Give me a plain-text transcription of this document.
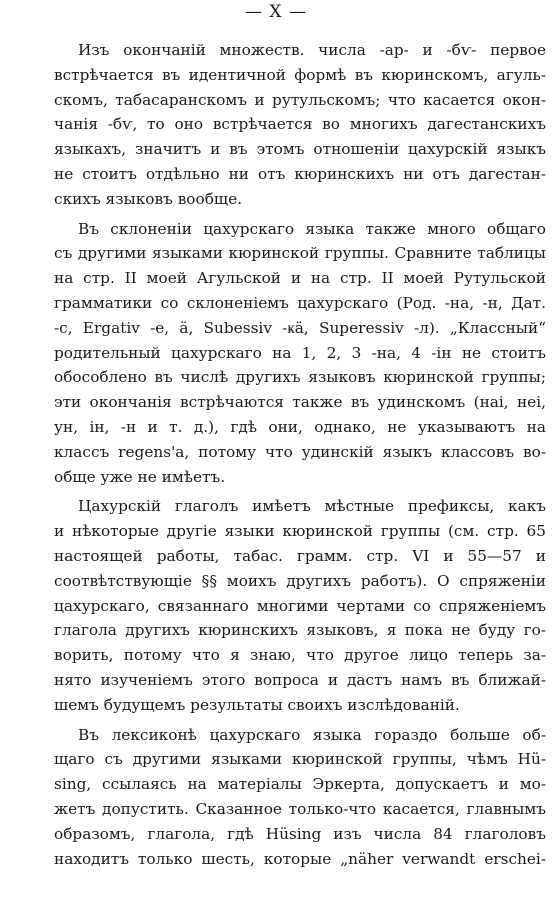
— X —
Изъ окончаній множеств. числа -ар- и -бѵ- первое
встрѣчается въ идентичной формѣ въ кюринскомъ, агуль-
скомъ, табасаранскомъ и рутульскомъ; что касается окон-
чанія -бѵ, то оно встрѣчается во многихъ дагестанскихъ
языкахъ, значитъ и въ этомъ отношеніи цахурскій языкъ
не стоитъ отдѣльно ни отъ кюринскихъ ни отъ дагестан-
скихъ языковъ вообще.
Въ склоненіи цахурскаго языка также много общаго
съ другими языками кюринской группы. Сравните таблицы
на стр. II моей Агульской и на стр. II моей Рутульской
грамматики со склоненіемъ цахурскаго (Род. -на, -н, Дат.
-с, Ergativ -е, ä, Subessiv -ҝä, Superessiv -л). „Классный“
родительный цахурскаго на 1, 2, 3 -на, 4 -ін не стоитъ
обособлено въ числѣ другихъ языковъ кюринской группы;
эти окончанія встрѣчаются также въ удинскомъ (наі, неі,
ун, ін, -н и т. д.), гдѣ они, однако, не указываютъ на
классъ regens'а, потому что удинскій языкъ классовъ во-
обще уже не имѣетъ.
Цахурскій глаголъ имѣетъ мѣстные префиксы, какъ
и нѣкоторые другіе языки кюринской группы (см. стр. 65
настоящей работы, табас. грамм. стр. VI и 55—57 и
соотвѣтствующіе §§ моихъ другихъ работъ). О спряженіи
цахурскаго, связаннаго многими чертами со спряженіемъ
глагола другихъ кюринскихъ языковъ, я пока не буду го-
ворить, потому что я знаю, что другое лицо теперь за-
нято изученіемъ этого вопроса и дастъ намъ въ ближай-
шемъ будущемъ результаты своихъ изслѣдованій.
Въ лексиконѣ цахурскаго языка гораздо больше об-
щаго съ другими языками кюринской группы, чѣмъ Hü-
sing, ссылаясь на матеріалы Эркерта, допускаетъ и мо-
жетъ допустить. Сказанное только-что касается, главнымъ
образомъ, глагола, гдѣ Hüsing изъ числа 84 глаголовъ
находитъ только шесть, которые „näher verwandt erschei-
